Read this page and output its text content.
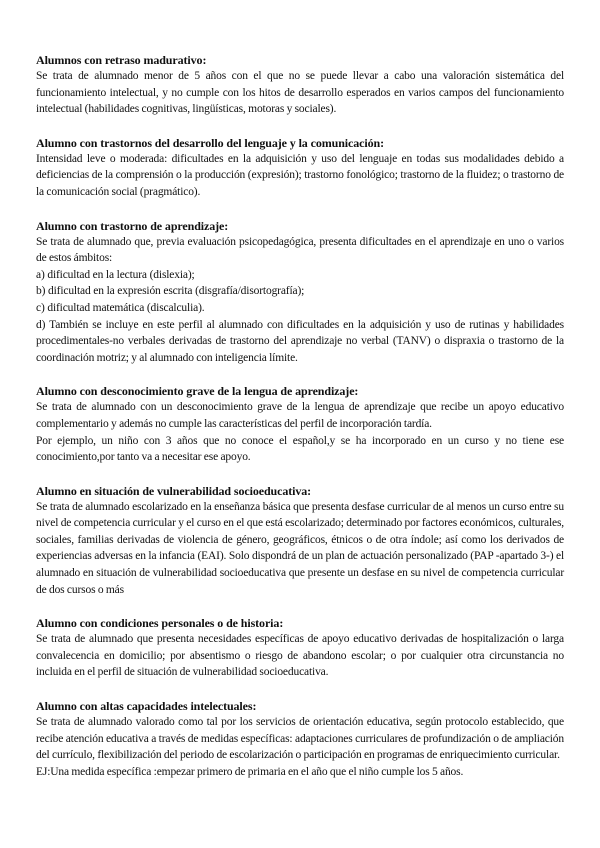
Alumnos con retraso madurativo:

Se trata de alumnado menor de 5 años con el que no se puede llevar a cabo una valoración sistemática del funcionamiento intelectual, y no cumple con los hitos de desarrollo esperados en varios campos del funcionamiento intelectual (habilidades cognitivas, lingüísticas, motoras y sociales).

Alumno con trastornos del desarrollo del lenguaje y la comunicación:

Intensidad leve o moderada: dificultades en la adquisición y uso del lenguaje en todas sus modalidades debido a deficiencias de la comprensión o la producción (expresión); trastorno fonológico; trastorno de la fluidez; o trastorno de la comunicación social (pragmático).

Alumno con trastorno de aprendizaje:

Se trata de alumnado que, previa evaluación psicopedagógica, presenta dificultades en el aprendizaje en uno o varios de estos ámbitos:

a) dificultad en la lectura (dislexia);

b) dificultad en la expresión escrita (disgrafía/disortografía);

c) dificultad matemática (discalculia).

d) También se incluye en este perfil al alumnado con dificultades en la adquisición y uso de rutinas y habilidades procedimentales-no verbales derivadas de trastorno del aprendizaje no verbal (TANV) o dispraxia o trastorno de la coordinación motriz; y al alumnado con inteligencia límite.

Alumno con desconocimiento grave de la lengua de aprendizaje:

Se trata de alumnado con un desconocimiento grave de la lengua de aprendizaje que recibe un apoyo educativo complementario y además no cumple las características del perfil de incorporación tardía.

Por ejemplo, un niño con 3 años que no conoce el español,y se ha incorporado en un curso y no tiene ese conocimiento,por tanto va a necesitar ese apoyo.

Alumno en situación de vulnerabilidad socioeducativa:

Se trata de alumnado escolarizado en la enseñanza básica que presenta desfase curricular de al menos un curso entre su nivel de competencia curricular y el curso en el que está escolarizado; determinado por factores económicos, culturales, sociales, familias derivadas de violencia de género, geográficos, étnicos o de otra índole; así como los derivados de experiencias adversas en la infancia (EAI). Solo dispondrá de un plan de actuación personalizado (PAP -apartado 3-) el alumnado en situación de vulnerabilidad socioeducativa que presente un desfase en su nivel de competencia curricular de dos cursos o más

Alumno con condiciones personales o de historia:

Se trata de alumnado que presenta necesidades específicas de apoyo educativo derivadas de hospitalización o larga convalecencia en domicilio; por absentismo o riesgo de abandono escolar; o por cualquier otra circunstancia no incluida en el perfil de situación de vulnerabilidad socioeducativa.

Alumno con altas capacidades intelectuales:

Se trata de alumnado valorado como tal por los servicios de orientación educativa, según protocolo establecido, que recibe atención educativa a través de medidas específicas: adaptaciones curriculares de profundización o de ampliación del currículo, flexibilización del periodo de escolarización o participación en programas de enriquecimiento curricular.

EJ:Una medida específica :empezar primero de primaria en el año que el niño cumple los 5 años.
